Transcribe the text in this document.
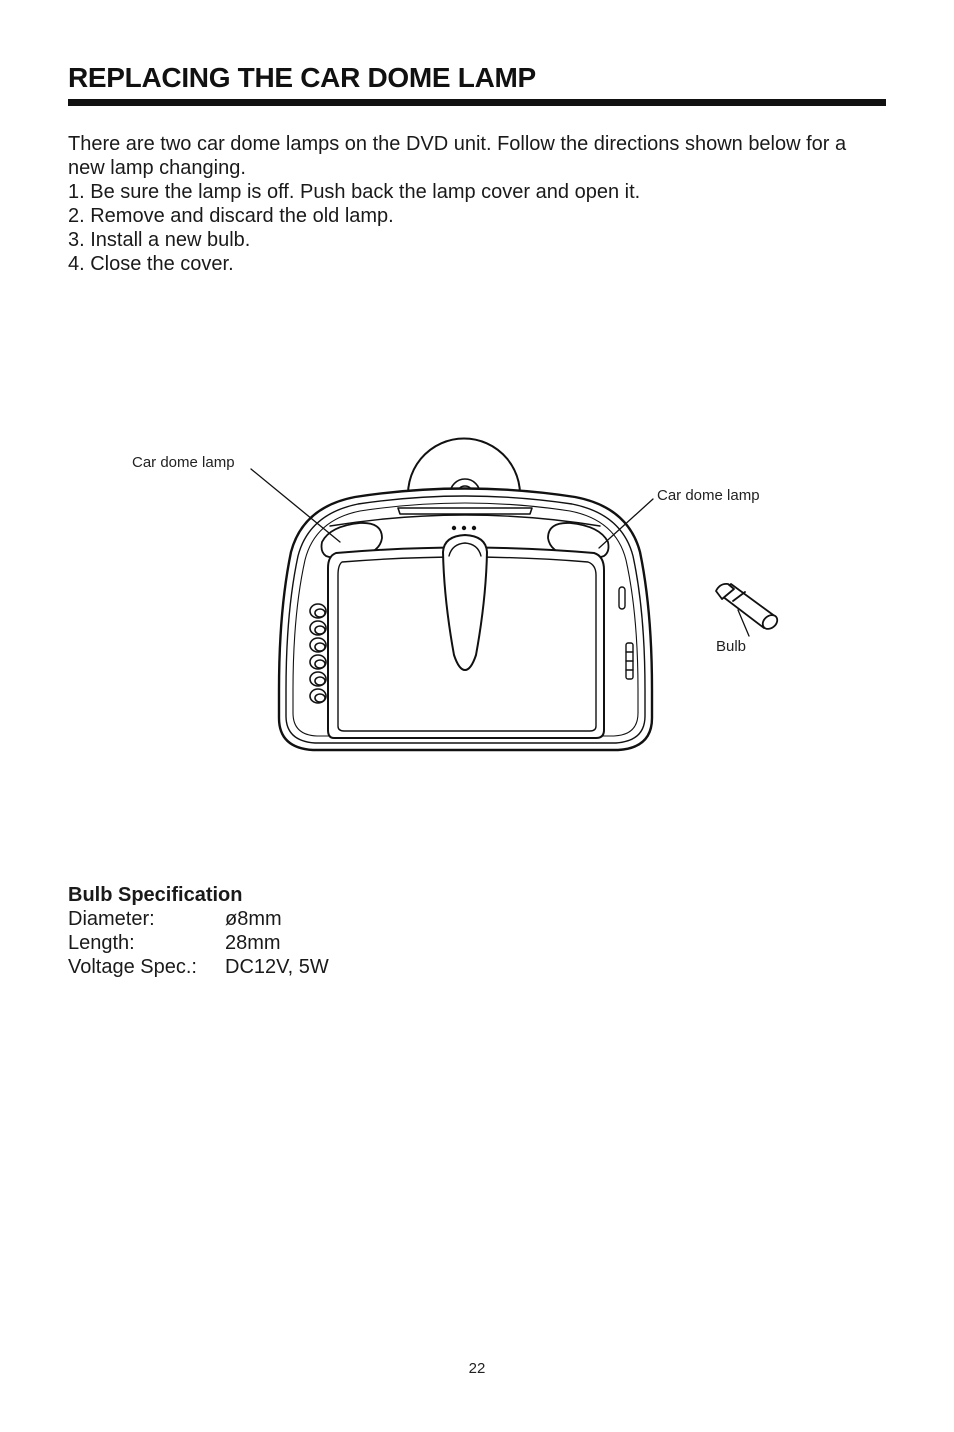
REPLACING THE CAR DOME LAMP

There are two car dome lamps on the DVD unit. Follow the directions shown below for a new lamp changing.

1. Be sure the lamp is off. Push back the lamp cover and open it.

2. Remove and discard the old lamp.

3. Install a new bulb.

4. Close the cover.

Car dome lamp
Car dome lamp
Bulb

Bulb Specification

Diameter:	ø8mm
Length:	28mm
Voltage Spec.:	DC12V, 5W
22
